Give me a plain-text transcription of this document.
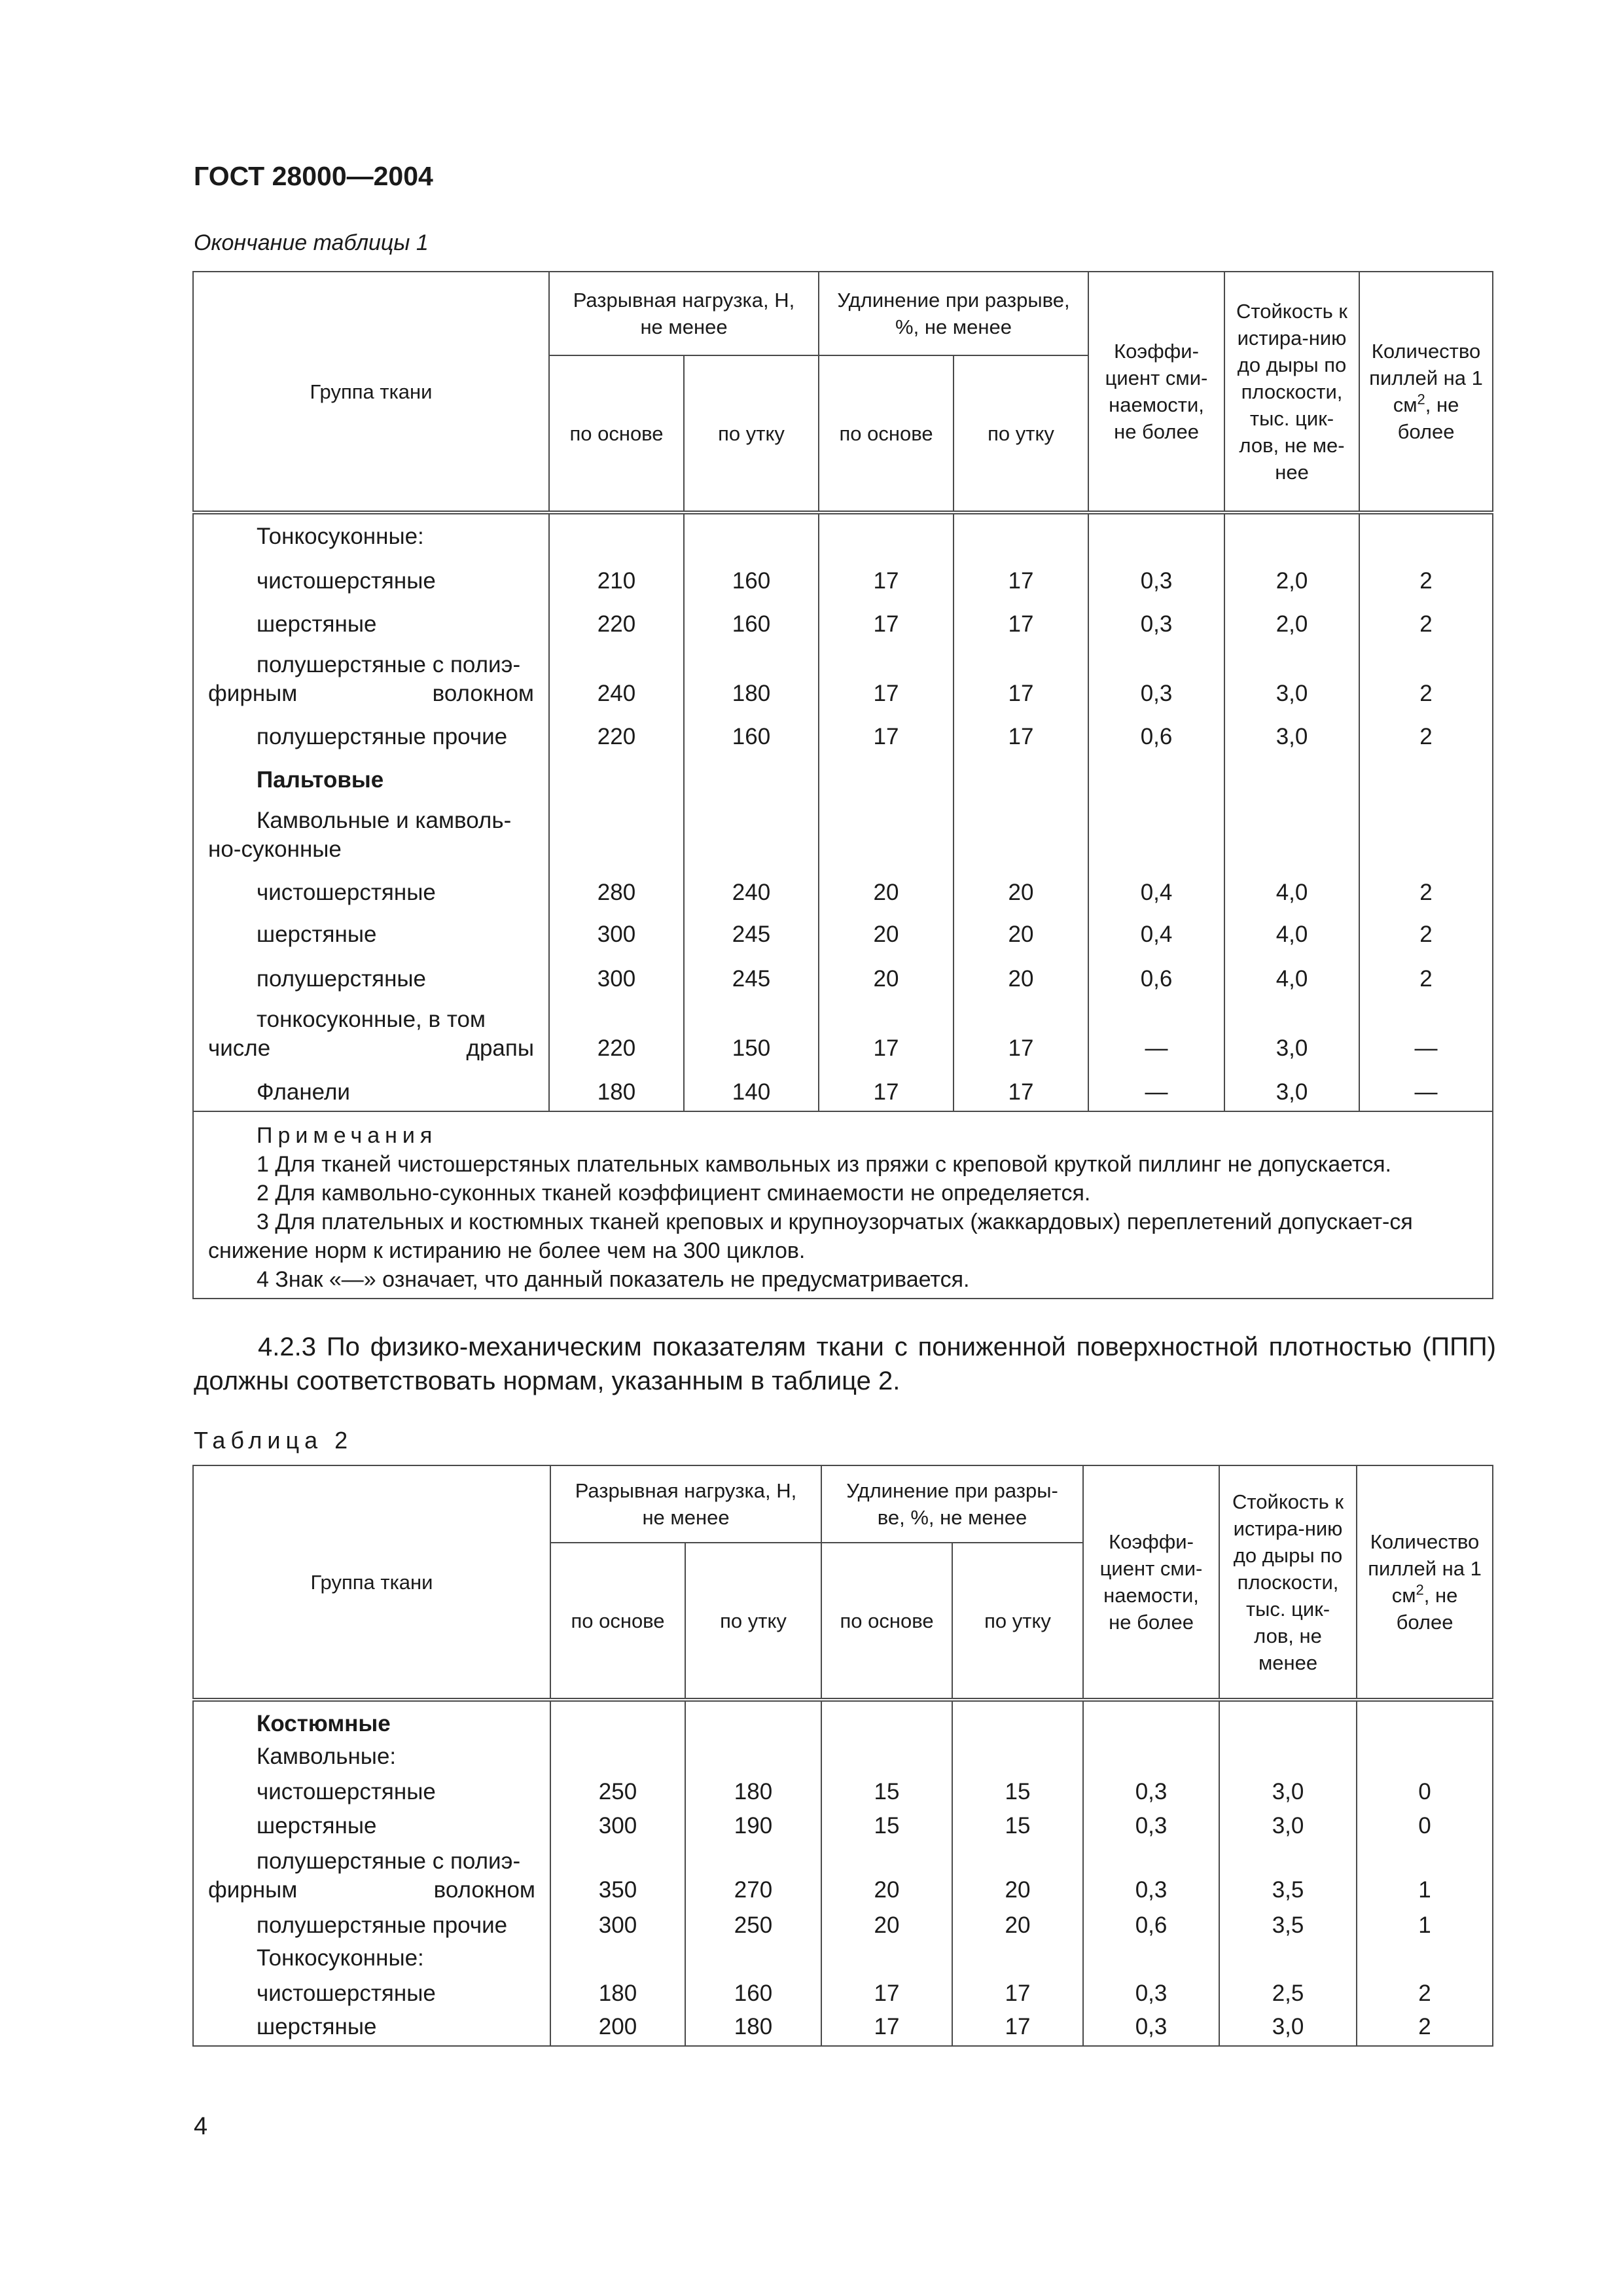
ГОСТ 28000—2004
Окончание таблицы 1
Группа ткани	Разрывная нагрузка, Н, не менее		Удлинение при разрыве, %, не менее		Коэффи-циент сми-наемости, не более	Стойкость к истира-нию до дыры по плоскости, тыс. цик-лов, не ме-нее	Количество пиллей на 1 $см^2$, не более
	по основе	по утку	по основе	по утку			
Тонкосуконные:							
чистошерстяные	210	160	17	17	0,3	2,0	2
шерстяные	220	160	17	17	0,3	2,0	2
полушерстяные с полиэ-фирным волокном	240	180	17	17	0,3	3,0	2
полушерстяные прочие	220	160	17	17	0,6	3,0	2
Пальтовые							
Камвольные и камволь-но-суконные							
чистошерстяные	280	240	20	20	0,4	4,0	2
шерстяные	300	245	20	20	0,4	4,0	2
полушерстяные	300	245	20	20	0,6	4,0	2
тонкосуконные, в том числе драпы	220	150	17	17	—	3,0	—
Фланели	180	140	17	17	—	3,0	—

Примечания
1 Для тканей чистошерстяных плательных камвольных из пряжи с креповой круткой пиллинг не допускается.
2 Для камвольно-суконных тканей коэффициент сминаемости не определяется.
3 Для плательных и костюмных тканей креповых и крупноузорчатых (жаккардовых) переплетений допускает-ся снижение норм к истиранию не более чем на 300 циклов.
4 Знак «—» означает, что данный показатель не предусматривается.							
4.2.3 По физико-механическим показателям ткани с пониженной поверхностной плотностью (ППП) должны соответствовать нормам, указанным в таблице 2.
Таблица 2
Группа ткани	Разрывная нагрузка, Н, не менее		Удлинение при разры-ве, %, не менее		Коэффи-циент сми-наемости, не более	Стойкость к истира-нию до дыры по плоскости, тыс. цик-лов, не менее	Количество пиллей на 1 $см^2$, не более
	по основе	по утку	по основе	по утку			
Костюмные							
Камвольные:							
чистошерстяные	250	180	15	15	0,3	3,0	0
шерстяные	300	190	15	15	0,3	3,0	0
полушерстяные с полиэ-фирным волокном	350	270	20	20	0,3	3,5	1
полушерстяные прочие	300	250	20	20	0,6	3,5	1
Тонкосуконные:							
чистошерстяные	180	160	17	17	0,3	2,5	2
шерстяные	200	180	17	17	0,3	3,0	2
4
